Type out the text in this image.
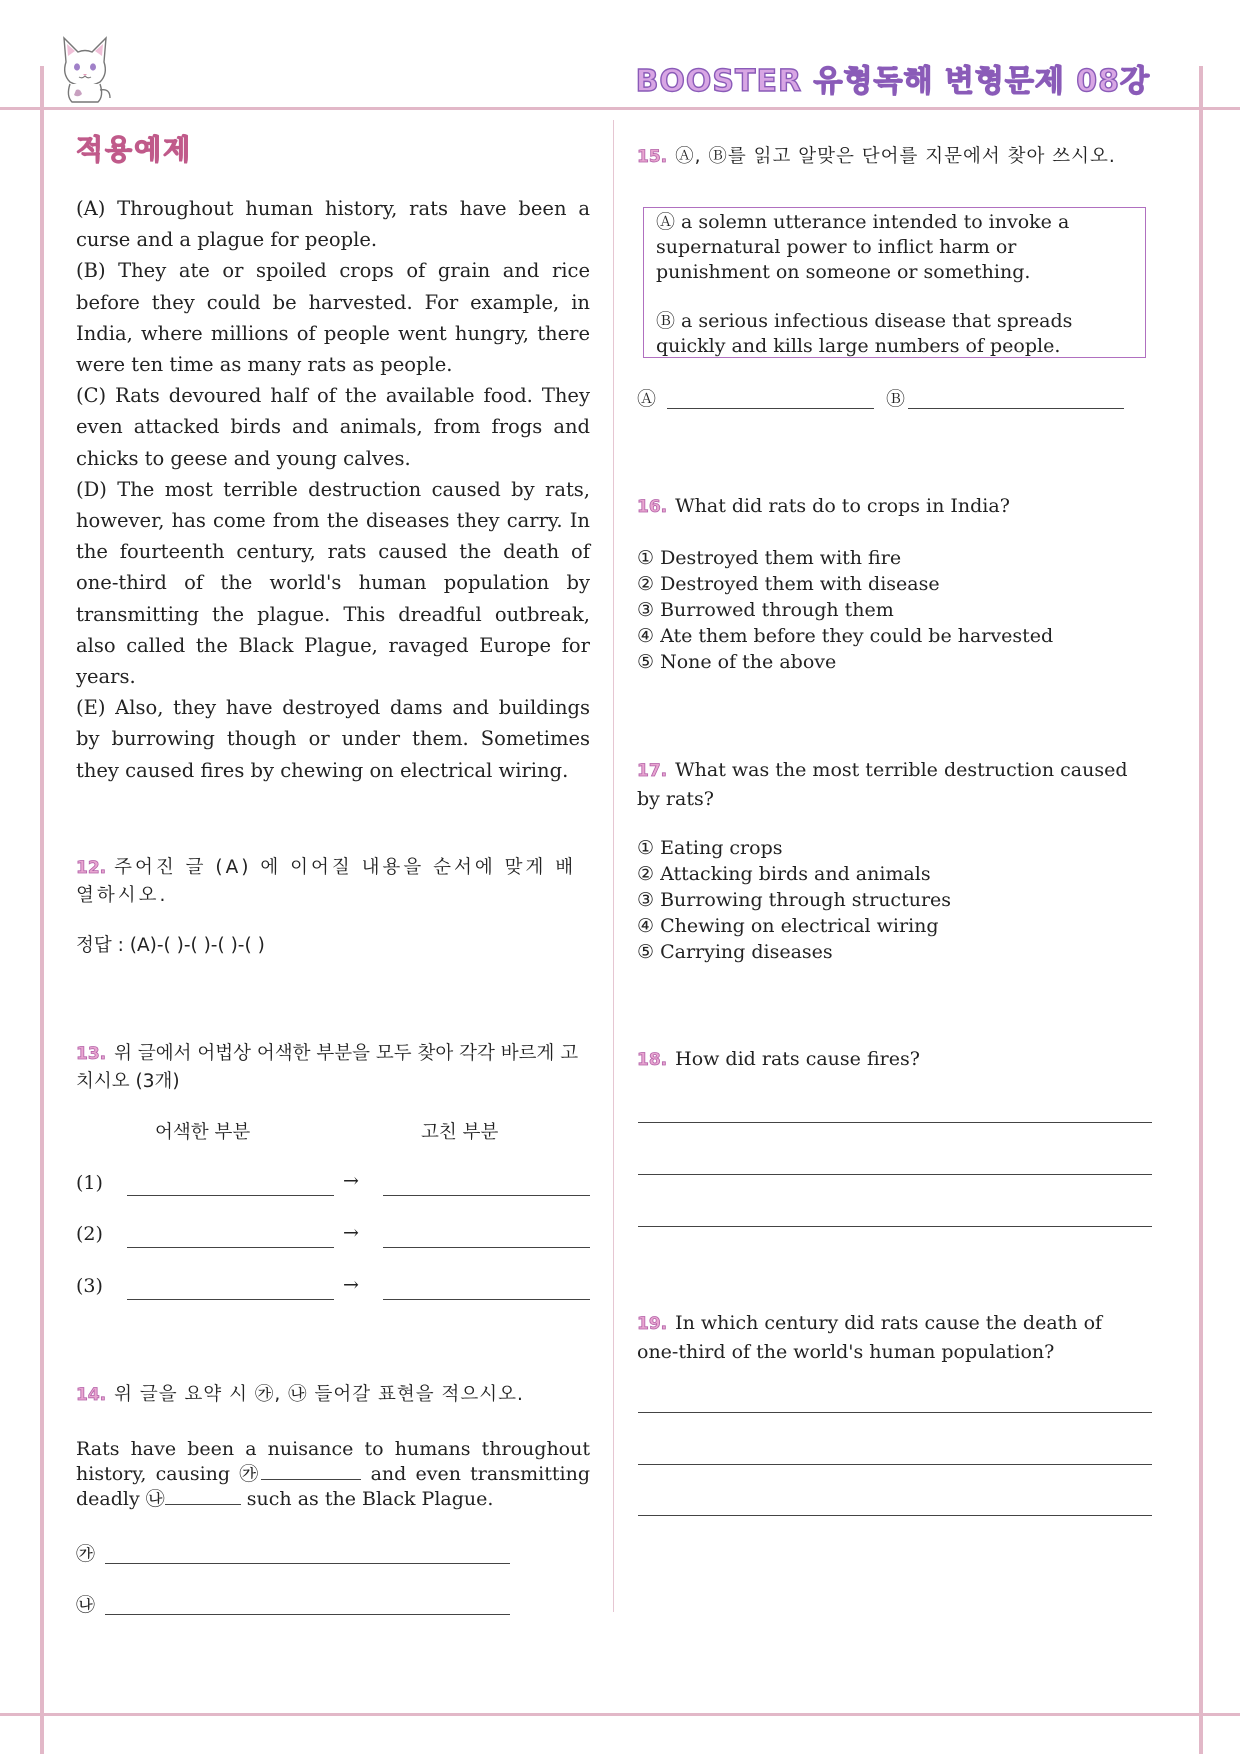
BOOSTER 유형독해 변형문제 08강
적용예제

(A) Throughout human history, rats have been a curse and a plague for people.

(B) They ate or spoiled crops of grain and rice before they could be harvested. For example, in India, where millions of people went hungry, there were ten time as many rats as people.

(C) Rats devoured half of the available food. They even attacked birds and animals, from frogs and chicks to geese and young calves.

(D) The most terrible destruction caused by rats, however, has come from the diseases they carry. In the fourteenth century, rats caused the death of one-third of the world's human population by transmitting the plague. This dreadful outbreak, also called the Black Plague, ravaged Europe for years.

(E) Also, they have destroyed dams and buildings by burrowing though or under them. Sometimes they caused fires by chewing on electrical wiring.

12. 주어진 글 (A) 에 이어질 내용을 순서에 맞게 배열하시오.
정답 : (A)-( )-( )-( )-( )
13. 위 글에서 어법상 어색한 부분을 모두 찾아 각각 바르게 고치시오 (3개)
어색한 부분	고친 부분
(1)	→
(2)	→
(3)	→
14. 위 글을 요약 시 ㉮, ㉯ 들어갈 표현을 적으시오.
Rats have been a nuisance to humans throughout history, causing ㉮	and even transmitting deadly ㉯	such as the Black Plague.
㉮
㉯
15. Ⓐ, Ⓑ를 읽고 알맞은 단어를 지문에서 찾아 쓰시오.

Ⓐ a solemn utterance intended to invoke a supernatural power to inflict harm or punishment on someone or something.

Ⓑ a serious infectious disease that spreads quickly and kills large numbers of people.

Ⓐ	Ⓑ
16. What did rats do to crops in India?
① Destroyed them with fire
② Destroyed them with disease
③ Burrowed through them
④ Ate them before they could be harvested
⑤ None of the above
17. What was the most terrible destruction caused by rats?
① Eating crops
② Attacking birds and animals
③ Burrowing through structures
④ Chewing on electrical wiring
⑤ Carrying diseases
18. How did rats cause fires?
19. In which century did rats cause the death of one-third of the world's human population?
